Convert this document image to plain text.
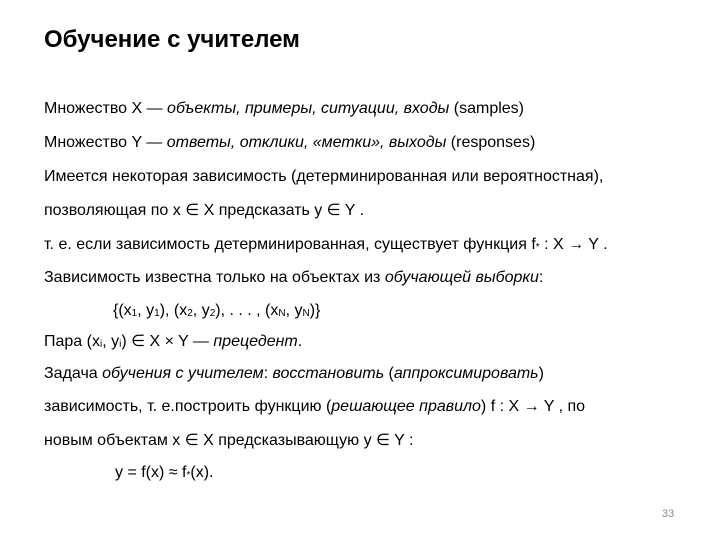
Обучение с учителем
Множество X — объекты, примеры, ситуации, входы (samples)
Множество Y — ответы, отклики, «метки», выходы (responses)
Имеется некоторая зависимость (детерминированная или вероятностная),
позволяющая по x ∈ X предсказать y ∈ Y .
т. е. если зависимость детерминированная, существует функция $f_*$ : X → Y .
Зависимость известна только на объектах из обучающей выборки:
{($x_1$, $y_1$), ($x_2$, $y_2$), . . . , ($x_N$, $y_N$)}
Пара ($x_i$, $y_i$) ∈ X × Y — прецедент.
Задача обучения с учителем: восстановить (аппроксимировать)
зависимость, т. е.построить функцию (решающее правило) f : X → Y , по
новым объектам x ∈ X предсказывающую y ∈ Y :
$y = f(x) \approx f_*(x)$.
33
